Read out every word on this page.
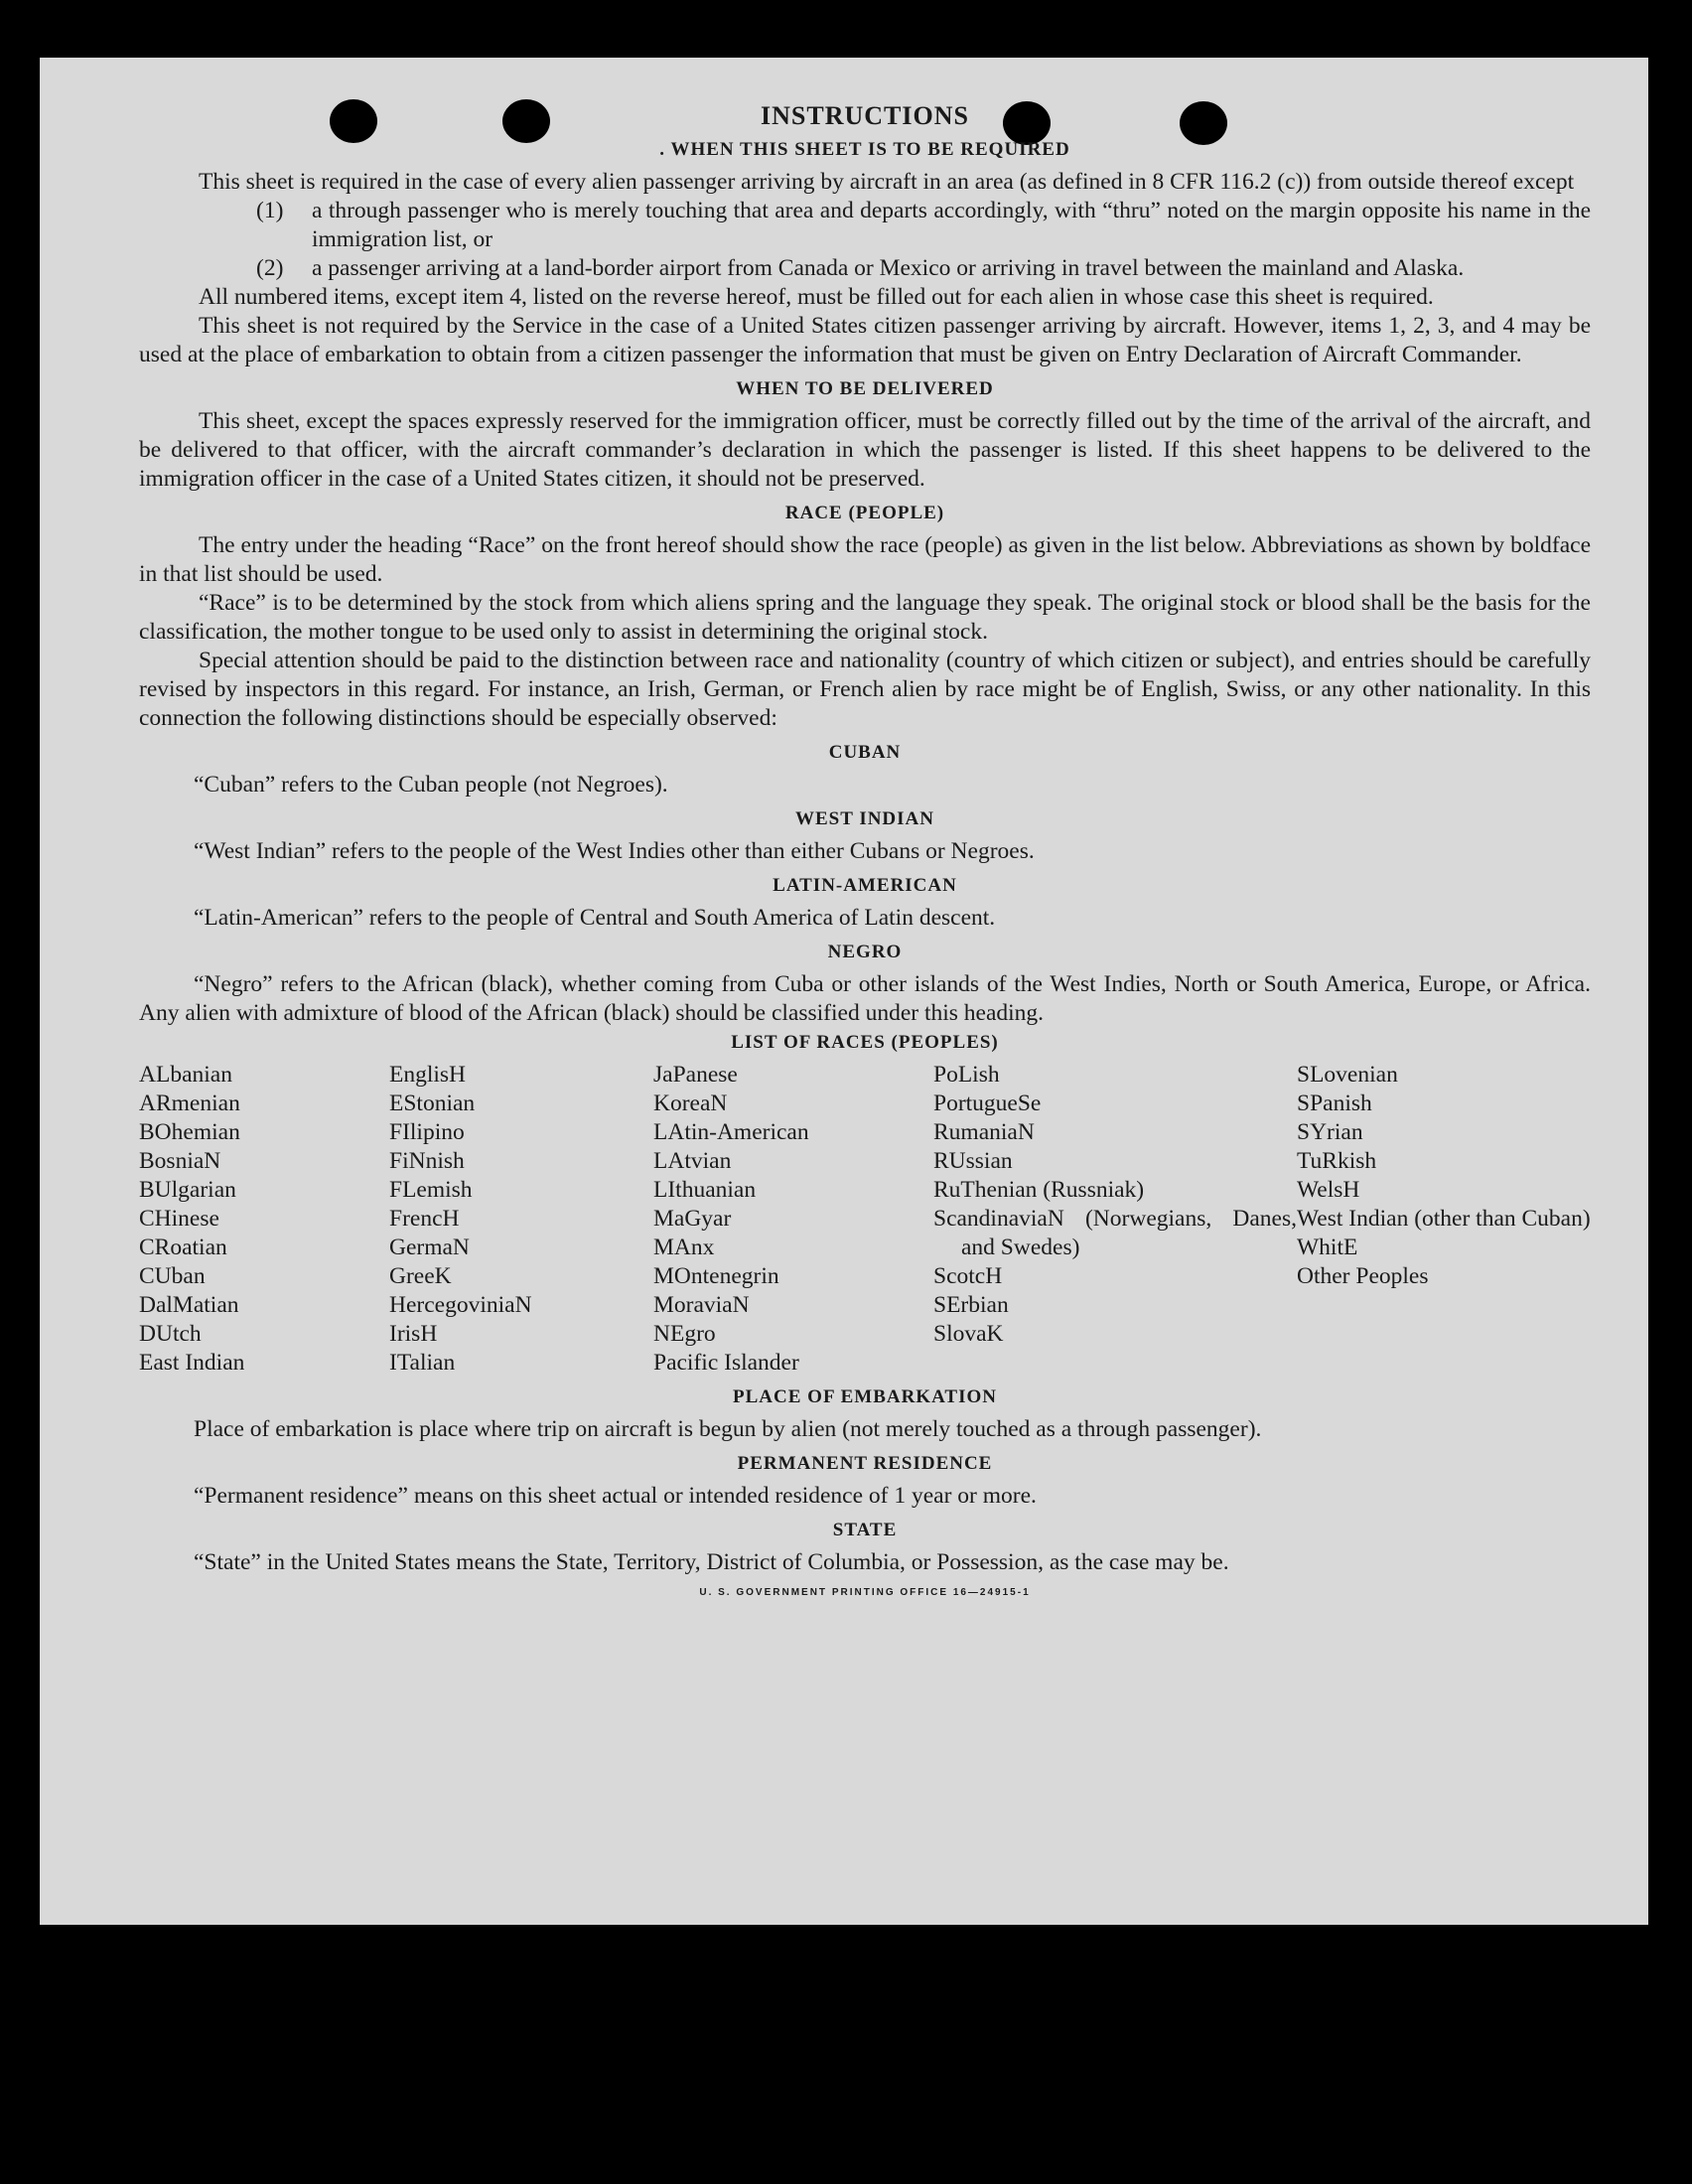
INSTRUCTIONS
. WHEN THIS SHEET IS TO BE REQUIRED

This sheet is required in the case of every alien passenger arriving by aircraft in an area (as defined in 8 CFR 116.2 (c)) from outside thereof except

(1)	a through passenger who is merely touching that area and departs accordingly, with “thru” noted on the margin opposite his name in the immigration list, or
(2)	a passenger arriving at a land-border airport from Canada or Mexico or arriving in travel between the mainland and Alaska.

All numbered items, except item 4, listed on the reverse hereof, must be filled out for each alien in whose case this sheet is required.

This sheet is not required by the Service in the case of a United States citizen passenger arriving by aircraft. However, items 1, 2, 3, and 4 may be used at the place of embarkation to obtain from a citizen passenger the information that must be given on Entry Declaration of Aircraft Commander.

WHEN TO BE DELIVERED

This sheet, except the spaces expressly reserved for the immigration officer, must be correctly filled out by the time of the arrival of the aircraft, and be delivered to that officer, with the aircraft commander’s declaration in which the passenger is listed. If this sheet happens to be delivered to the immigration officer in the case of a United States citizen, it should not be preserved.

RACE (PEOPLE)

The entry under the heading “Race” on the front hereof should show the race (people) as given in the list below. Abbreviations as shown by boldface in that list should be used.

“Race” is to be determined by the stock from which aliens spring and the language they speak. The original stock or blood shall be the basis for the classification, the mother tongue to be used only to assist in determining the original stock.

Special attention should be paid to the distinction between race and nationality (country of which citizen or subject), and entries should be carefully revised by inspectors in this regard. For instance, an Irish, German, or French alien by race might be of English, Swiss, or any other nationality. In this connection the following distinctions should be especially observed:

CUBAN

“Cuban” refers to the Cuban people (not Negroes).

WEST INDIAN

“West Indian” refers to the people of the West Indies other than either Cubans or Negroes.

LATIN-AMERICAN

“Latin-American” refers to the people of Central and South America of Latin descent.

NEGRO

“Negro” refers to the African (black), whether coming from Cuba or other islands of the West Indies, North or South America, Europe, or Africa. Any alien with admixture of blood of the African (black) should be classified under this heading.

LIST OF RACES (PEOPLES)
ALbanian
ARmenian
BOhemian
BosniaN
BUlgarian
CHinese
CRoatian
CUban
DalMatian
DUtch
East Indian
EnglisH
EStonian
FIlipino
FiNnish
FLemish
FrencH
GermaN
GreeK
HercegoviniaN
IrisH
ITalian
JaPanese
KoreaN
LAtin-American
LAtvian
LIthuanian
MaGyar
MAnx
MOntenegrin
MoraviaN
NEgro
Pacific Islander
PoLish
PortugueSe
RumaniaN
RUssian
RuThenian (Russniak)
ScandinaviaN (Norwegians, Danes, and Swedes)
ScotcH
SErbian
SlovaK
SLovenian
SPanish
SYrian
TuRkish
WelsH
West Indian (other than Cuban)
WhitE
Other Peoples
PLACE OF EMBARKATION

Place of embarkation is place where trip on aircraft is begun by alien (not merely touched as a through passenger).

PERMANENT RESIDENCE

“Permanent residence” means on this sheet actual or intended residence of 1 year or more.

STATE

“State” in the United States means the State, Territory, District of Columbia, or Possession, as the case may be.

U. S. GOVERNMENT PRINTING OFFICE 16—24915-1
